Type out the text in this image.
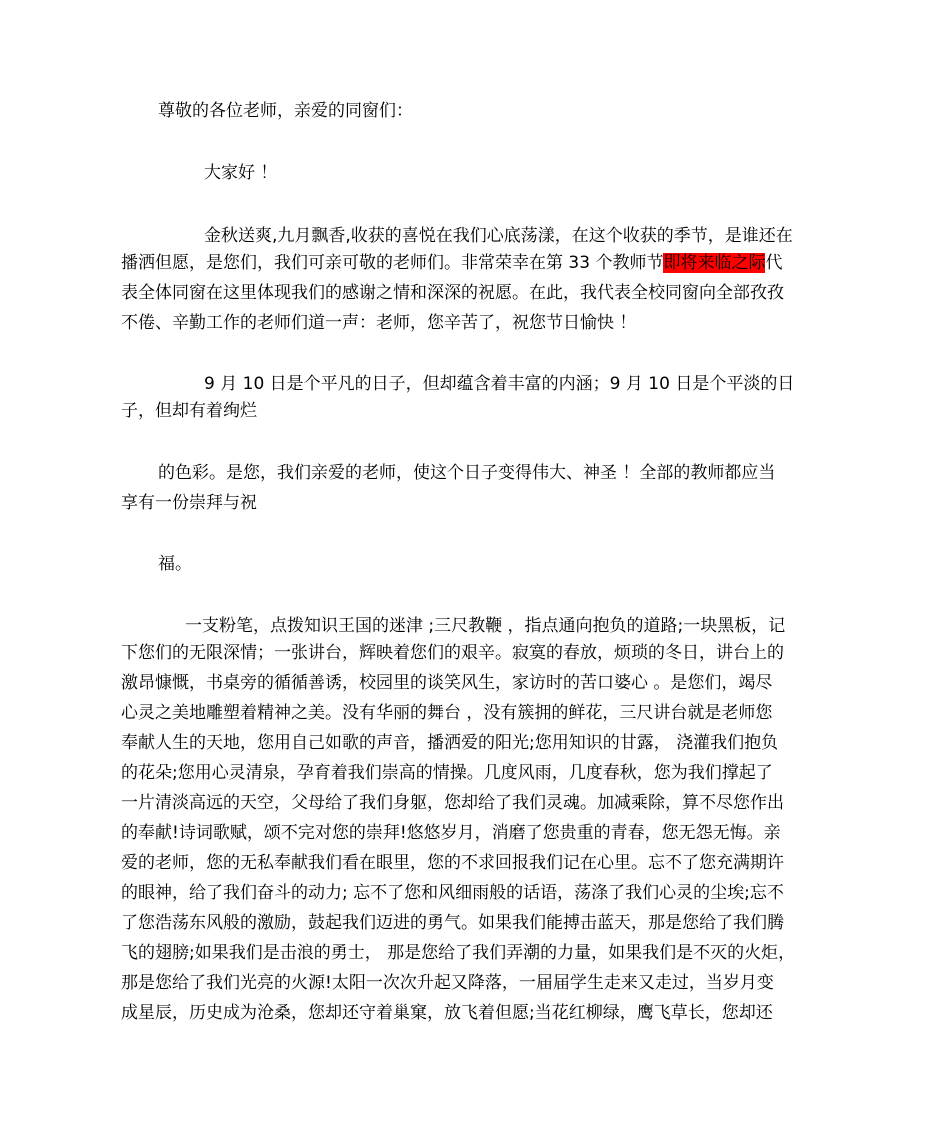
尊敬的各位老师，亲爱的同窗们：
大家好 ！
金秋送爽,九月飘香,收获的喜悦在我们心底荡漾，在这个收获的季节，是谁还在
播洒但愿，是您们，我们可亲可敬的老师们。非常荣幸在第 33 个教师节即将来临之际代
表全体同窗在这里体现我们的感谢之情和深深的祝愿。在此，我代表全校同窗向全部孜孜
不倦、辛勤工作的老师们道一声：老师，您辛苦了，祝您节日愉快 ！
9 月 10 日是个平凡的日子，但却蕴含着丰富的内涵；9 月 10 日是个平淡的日
子，但却有着绚烂
的色彩。是您，我们亲爱的老师，使这个日子变得伟大、神圣 ！全部的教师都应当
享有一份崇拜与祝
福。
一支粉笔，点拨知识王国的迷津 ;三尺教鞭 ，指点通向抱负的道路;一块黑板，记
下您们的无限深情；一张讲台，辉映着您们的艰辛。寂寞的春放，烦琐的冬日，讲台上的
激昂慷慨，书桌旁的循循善诱，校园里的谈笑风生，家访时的苦口婆心 。是您们，竭尽
心灵之美地雕塑着精神之美。没有华丽的舞台 ，没有簇拥的鲜花，三尺讲台就是老师您
奉献人生的天地，您用自己如歌的声音，播洒爱的阳光;您用知识的甘露， 浇灌我们抱负
的花朵;您用心灵清泉，孕育着我们崇高的情操。几度风雨，几度春秋，您为我们撑起了
一片清淡高远的天空，父母给了我们身躯，您却给了我们灵魂。加减乘除，算不尽您作出
的奉献!诗词歌赋，颂不完对您的崇拜!悠悠岁月，消磨了您贵重的青春，您无怨无悔。亲
爱的老师，您的无私奉献我们看在眼里，您的不求回报我们记在心里。忘不了您充满期许
的眼神，给了我们奋斗的动力; 忘不了您和风细雨般的话语，荡涤了我们心灵的尘埃;忘不
了您浩荡东风般的激励，鼓起我们迈进的勇气。如果我们能搏击蓝天，那是您给了我们腾
飞的翅膀;如果我们是击浪的勇士， 那是您给了我们弄潮的力量，如果我们是不灭的火炬，
那是您给了我们光亮的火源!太阳一次次升起又降落，一届届学生走来又走过，当岁月变
成星辰，历史成为沧桑，您却还守着巢窠，放飞着但愿;当花红柳绿，鹰飞草长，您却还
